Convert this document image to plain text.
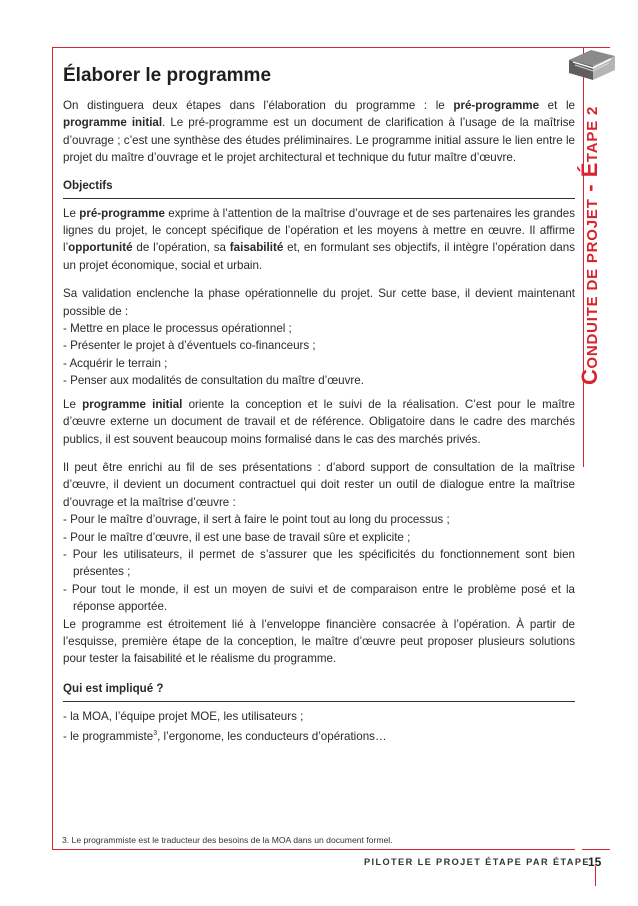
CONDUITE DE PROJET - ÉTAPE 2
Élaborer le programme

On distinguera deux étapes dans l’élaboration du programme : le pré-programme et le programme initial. Le pré-programme est un document de clarification à l’usage de la maîtrise d’ouvrage ; c’est une synthèse des études préliminaires. Le programme initial assure le lien entre le projet du maître d’ouvrage et le projet architectural et technique du futur maître d’œuvre.

Objectifs

Le pré-programme exprime à l’attention de la maîtrise d’ouvrage et de ses partenaires les grandes lignes du projet, le concept spécifique de l’opération et les moyens à mettre en œuvre. Il affirme l’opportunité de l’opération, sa faisabilité et, en formulant ses objectifs, il intègre l’opération dans un projet économique, social et urbain.

Sa validation enclenche la phase opérationnelle du projet. Sur cette base, il devient maintenant possible de :

- Mettre en place le processus opérationnel ;
- Présenter le projet à d’éventuels co-financeurs ;
- Acquérir le terrain ;
- Penser aux modalités de consultation du maître d’œuvre.

Le programme initial oriente la conception et le suivi de la réalisation. C’est pour le maître d’œuvre externe un document de travail et de référence. Obligatoire dans le cadre des marchés publics, il est souvent beaucoup moins formalisé dans le cas des marchés privés.

Il peut être enrichi au fil de ses présentations : d’abord support de consultation de la maîtrise d’œuvre, il devient un document contractuel qui doit rester un outil de dialogue entre la maîtrise d’ouvrage et la maîtrise d’œuvre :

- Pour le maître d’ouvrage, il sert à faire le point tout au long du processus ;
- Pour le maître d’œuvre, il est une base de travail sûre et explicite ;
- Pour les utilisateurs, il permet de s’assurer que les spécificités du fonctionnement sont bien présentes ;
- Pour tout le monde, il est un moyen de suivi et de comparaison entre le problème posé et la réponse apportée.

Le programme est étroitement lié à l’enveloppe financière consacrée à l’opération. À partir de l’esquisse, première étape de la conception, le maître d’œuvre peut proposer plusieurs solutions pour tester la faisabilité et le réalisme du programme.

Qui est impliqué ?
- la MOA, l’équipe projet MOE, les utilisateurs ;
- le programmiste$^3$, l’ergonome, les conducteurs d’opérations…
3. Le programmiste est le traducteur des besoins de la MOA dans un document formel.
PILOTER LE PROJET ÉTAPE PAR ÉTAPE
15
